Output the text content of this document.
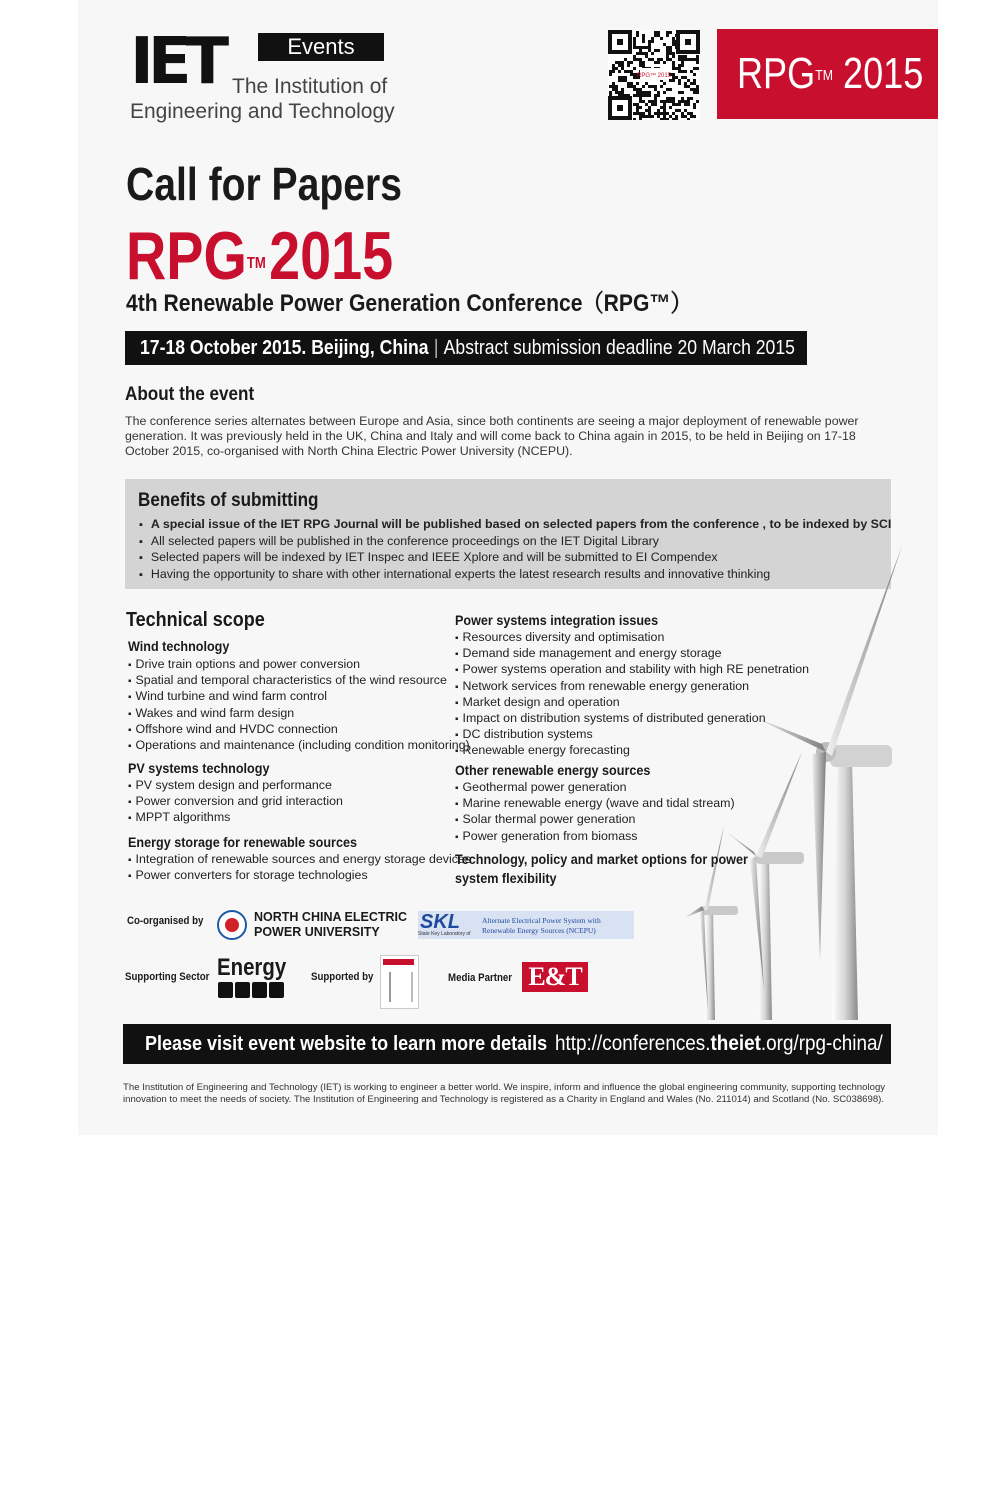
IET	Events
The Institution of
Engineering and Technology
RPG™ 2015 RPG™ 2015
Call for Papers
RPG™2015
4th Renewable Power Generation Conference（RPG™）
17-18 October 2015. Beijing, China | Abstract submission deadline 20 March 2015
About the event
The conference series alternates between Europe and Asia, since both continents are seeing a major deployment of renewable power generation. It was previously held in the UK, China and Italy and will come back to China again in 2015, to be held in Beijing on 17-18 October 2015, co-organised with North China Electric Power University (NCEPU).
Benefits of submitting
▪ A special issue of the IET RPG Journal will be published based on selected papers from the conference , to be indexed by SCI
▪ All selected papers will be published in the conference proceedings on the IET Digital Library
▪ Selected papers will be indexed by IET Inspec and IEEE Xplore and will be submitted to EI Compendex
▪ Having the opportunity to share with other international experts the latest research results and innovative thinking
Technical scope
Wind technology
▪ Drive train options and power conversion
▪ Spatial and temporal characteristics of the wind resource
▪ Wind turbine and wind farm control
▪ Wakes and wind farm design
▪ Offshore wind and HVDC connection
▪ Operations and maintenance (including condition monitoring)
PV systems technology
▪ PV system design and performance
▪ Power conversion and grid interaction
▪ MPPT algorithms
Energy storage for renewable sources
▪ Integration of renewable sources and energy storage devices
▪ Power converters for storage technologies
Power systems integration issues
▪ Resources diversity and optimisation
▪ Demand side management and energy storage
▪ Power systems operation and stability with high RE penetration
▪ Network services from renewable energy generation
▪ Market design and operation
▪ Impact on distribution systems of distributed generation
▪ DC distribution systems
▪ Renewable energy forecasting
Other renewable energy sources
▪ Geothermal power generation
▪ Marine renewable energy (wave and tidal stream)
▪ Solar thermal power generation
▪ Power generation from biomass
Technology, policy and market options for power
system flexibility
Co-organised by	NORTH CHINA ELECTRIC
POWER UNIVERSITY	SKL
State Key Laboratory of
Alternate Electrical Power System with
Renewable Energy Sources (NCEPU)
Supporting Sector Energy Supported by	Media Partner E&T
Please visit event website to learn more details http://conferences.theiet.org/rpg-china/
The Institution of Engineering and Technology (IET) is working to engineer a better world. We inspire, inform and influence the global engineering community, supporting technology innovation to meet the needs of society. The Institution of Engineering and Technology is registered as a Charity in England and Wales (No. 211014) and Scotland (No. SC038698).
